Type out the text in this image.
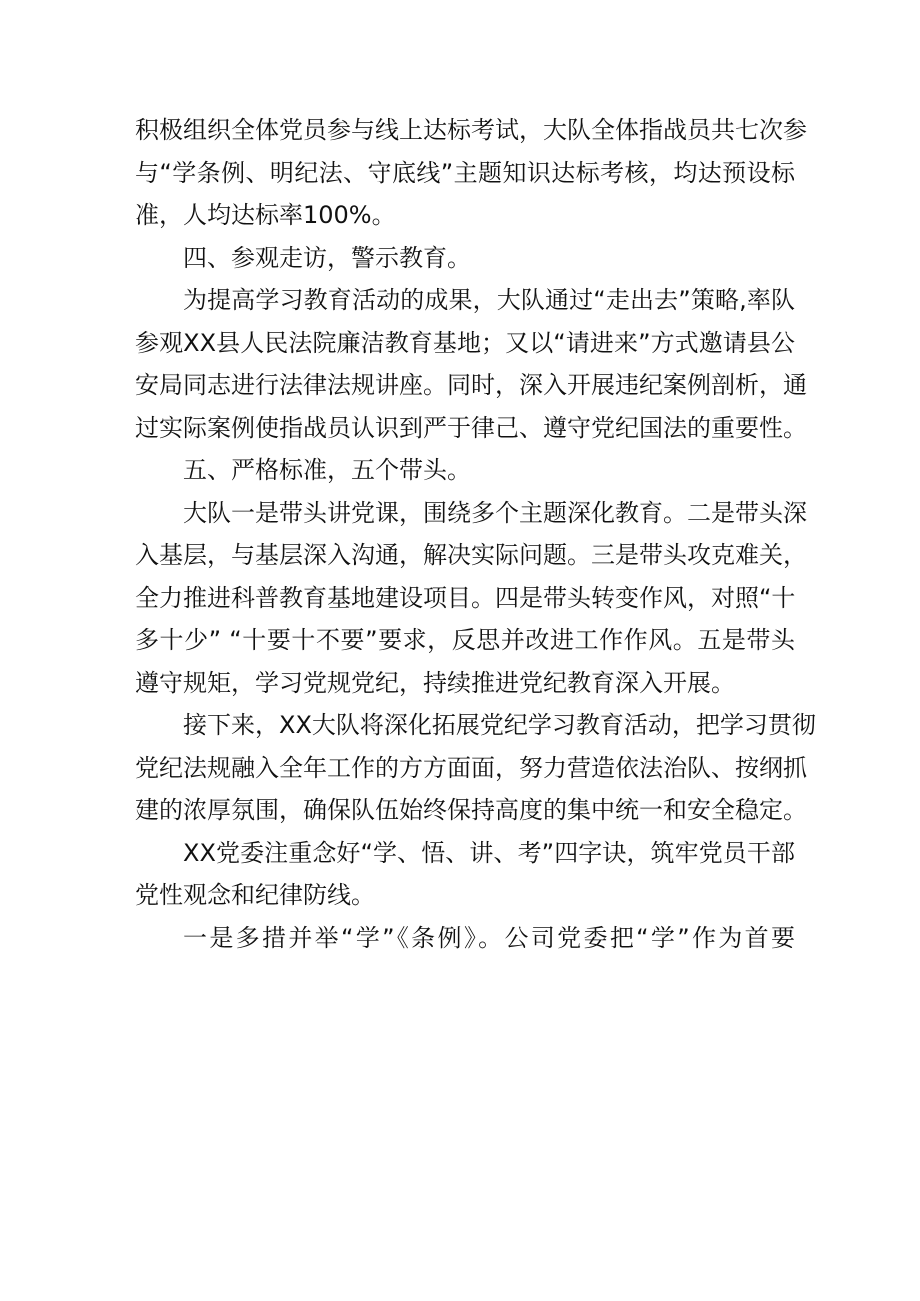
积极组织全体党员参与线上达标考试，大队全体指战员共七次参
与“学条例、明纪法、守底线”主题知识达标考核，均达预设标
准，人均达标率100%。
四、参观走访，警示教育。
为提高学习教育活动的成果，大队通过“走出去”策略,率队
参观XX县人民法院廉洁教育基地；又以“请进来”方式邀请县公
安局同志进行法律法规讲座。同时，深入开展违纪案例剖析，通
过实际案例使指战员认识到严于律己、遵守党纪国法的重要性。
五、严格标准，五个带头。
大队一是带头讲党课，围绕多个主题深化教育。二是带头深
入基层，与基层深入沟通，解决实际问题。三是带头攻克难关，
全力推进科普教育基地建设项目。四是带头转变作风，对照“十
多十少” “十要十不要”要求，反思并改进工作作风。五是带头
遵守规矩，学习党规党纪，持续推进党纪教育深入开展。
接下来，XX大队将深化拓展党纪学习教育活动，把学习贯彻
党纪法规融入全年工作的方方面面，努力营造依法治队、按纲抓
建的浓厚氛围，确保队伍始终保持高度的集中统一和安全稳定。
XX党委注重念好“学、悟、讲、考”四字诀，筑牢党员干部
党性观念和纪律防线。
一是多措并举“学”《条例》。公司党委把“学”作为首要
